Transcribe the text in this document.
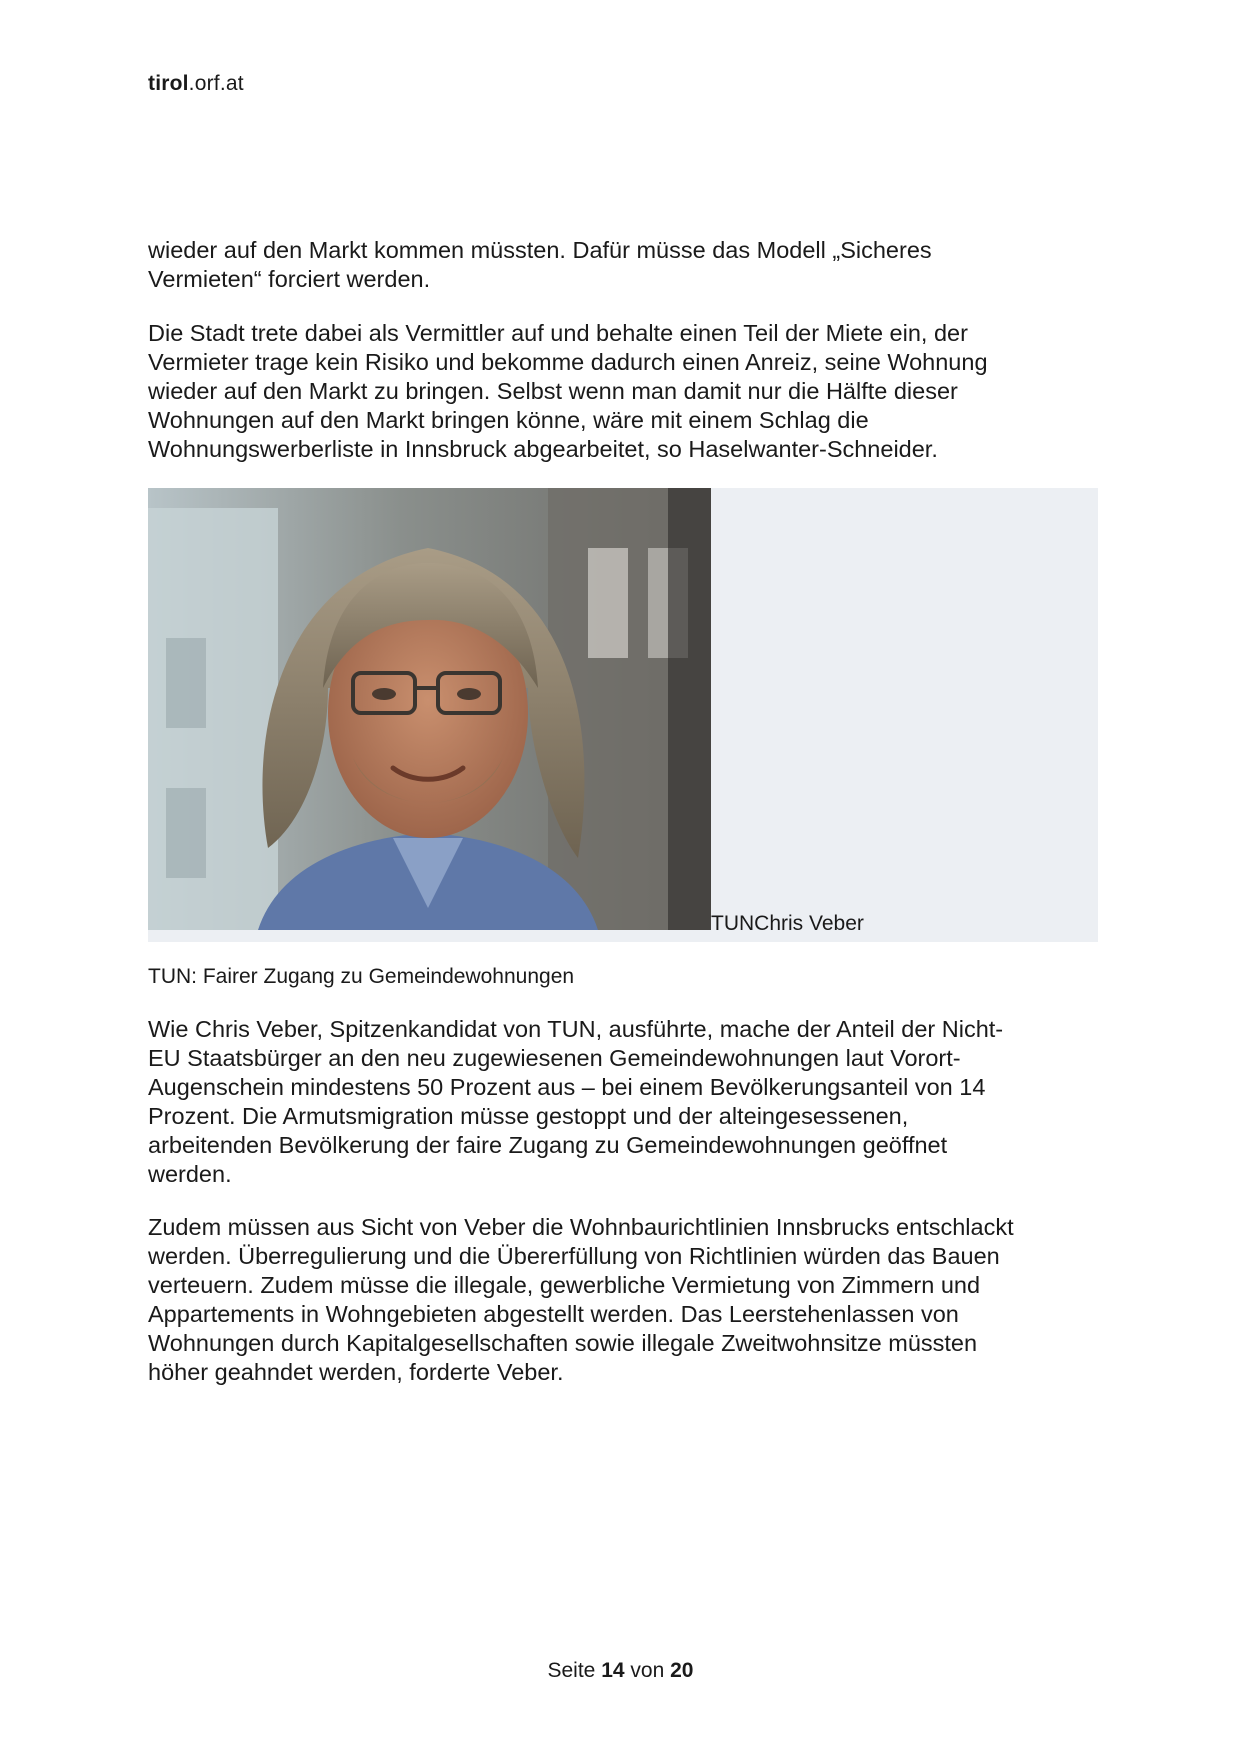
tirol.orf.at

wieder auf den Markt kommen müssten. Dafür müsse das Modell „Sicheres
Vermieten“ forciert werden.

Die Stadt trete dabei als Vermittler auf und behalte einen Teil der Miete ein, der
Vermieter trage kein Risiko und bekomme dadurch einen Anreiz, seine Wohnung
wieder auf den Markt zu bringen. Selbst wenn man damit nur die Hälfte dieser
Wohnungen auf den Markt bringen könne, wäre mit einem Schlag die
Wohnungswerberliste in Innsbruck abgearbeitet, so Haselwanter-Schneider.

TUNChris Veber
TUN: Fairer Zugang zu Gemeindewohnungen

Wie Chris Veber, Spitzenkandidat von TUN, ausführte, mache der Anteil der Nicht-
EU Staatsbürger an den neu zugewiesenen Gemeindewohnungen laut Vorort-
Augenschein mindestens 50 Prozent aus – bei einem Bevölkerungsanteil von 14
Prozent. Die Armutsmigration müsse gestoppt und der alteingesessenen,
arbeitenden Bevölkerung der faire Zugang zu Gemeindewohnungen geöffnet
werden.

Zudem müssen aus Sicht von Veber die Wohnbaurichtlinien Innsbrucks entschlackt
werden. Überregulierung und die Übererfüllung von Richtlinien würden das Bauen
verteuern. Zudem müsse die illegale, gewerbliche Vermietung von Zimmern und
Appartements in Wohngebieten abgestellt werden. Das Leerstehenlassen von
Wohnungen durch Kapitalgesellschaften sowie illegale Zweitwohnsitze müssten
höher geahndet werden, forderte Veber.

Seite 14 von 20
